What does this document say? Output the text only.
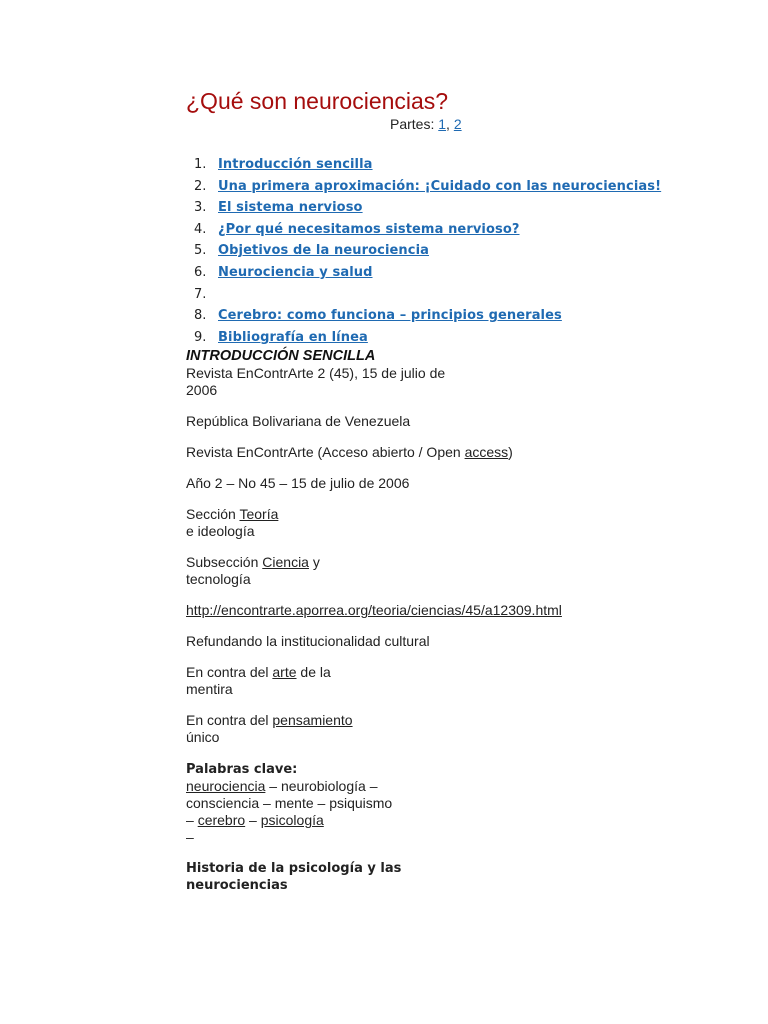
¿Qué son neurociencias?
Partes: 1, 2
1. Introducción sencilla
2. Una primera aproximación: ¡Cuidado con las neurociencias!
3. El sistema nervioso
4. ¿Por qué necesitamos sistema nervioso?
5. Objetivos de la neurociencia
6. Neurociencia y salud
7.
8. Cerebro: como funciona – principios generales
9. Bibliografía en línea
INTRODUCCIÓN SENCILLA

Revista EnContrArte 2 (45), 15 de julio de
2006

República Bolivariana de Venezuela

Revista EnContrArte (Acceso abierto / Open access)

Año 2 – No 45 – 15 de julio de 2006

Sección Teoría
e ideología

Subsección Ciencia y
tecnología

http://encontrarte.aporrea.org/teoria/ciencias/45/a12309.html

Refundando la institucionalidad cultural

En contra del arte de la
mentira

En contra del pensamiento
único

Palabras clave:
neurociencia – neurobiología –
consciencia – mente – psiquismo
– cerebro – psicología
–

Historia de la psicología y las
neurociencias
